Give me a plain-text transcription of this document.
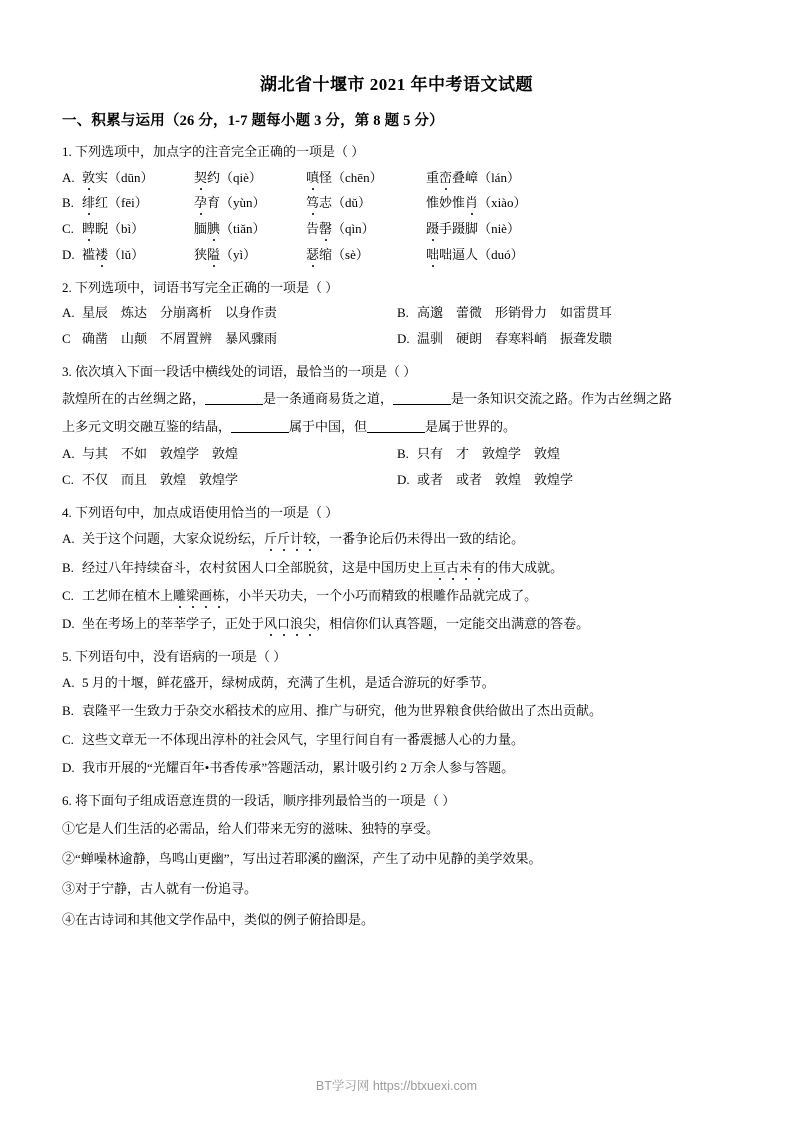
湖北省十堰市 2021 年中考语文试题
一、积累与运用（26 分，1-7 题每小题 3 分，第 8 题 5 分）
1. 下列选项中，加点字的注音完全正确的一项是（ ）
A. 敦实（dūn）	契约（qiè）	嗔怪（chēn）	重峦叠嶂（lán）
B. 绯红（fēi）	孕育（yùn）	笃志（dǔ）	惟妙惟肖（xiào）
C. 睥睨（bì）	腼腆（tiǎn）	告罄（qìn）	蹑手蹑脚（niè）
D. 褴褛（lǔ）	狭隘（yì）	瑟缩（sè）	咄咄逼人（duó）
2. 下列选项中，词语书写完全正确的一项是（ ）
A. 星辰　炼达　分崩离析　以身作责	B. 高邈　蕾微　形销骨力　如雷贯耳
C 确凿　山颠　不屑置辨　暴风骤雨	D. 温驯　硬朗　春寒料峭　振聋发聩
3. 依次填入下面一段话中横线处的词语，最恰当的一项是（ ）
款煌所在的古丝绸之路，	是一条通商易货之道，	是一条知识交流之路。作为古丝绸之路
上多元文明交融互鉴的结晶，	属于中国，但	是属于世界的。
A. 与其　不如　敦煌学　敦煌	B. 只有　才　敦煌学　敦煌
C. 不仅　而且　敦煌　敦煌学	D. 或者　或者　敦煌　敦煌学
4. 下列语句中，加点成语使用恰当的一项是（ ）
A. 关于这个问题，大家众说纷纭，斤斤计较，一番争论后仍未得出一致的结论。
B. 经过八年持续奋斗，农村贫困人口全部脱贫，这是中国历史上亘古未有的伟大成就。
C. 工艺师在植木上雕梁画栋，小半天功夫，一个小巧而精致的根雕作品就完成了。
D. 坐在考场上的莘莘学子，正处于风口浪尖，相信你们认真答题，一定能交出满意的答卷。
5. 下列语句中，没有语病的一项是（ ）
A. 5 月的十堰，鲜花盛开，绿树成荫，充满了生机，是适合游玩的好季节。
B. 袁隆平一生致力于杂交水稻技术的应用、推广与研究，他为世界粮食供给做出了杰出贡献。
C. 这些文章无一不体现出淳朴的社会风气，字里行间自有一番震撼人心的力量。
D. 我市开展的“光耀百年•书香传承”答题活动，累计吸引约 2 万余人参与答题。
6. 将下面句子组成语意连贯的一段话，顺序排列最恰当的一项是（ ）
①它是人们生活的必需品，给人们带来无穷的滋味、独特的享受。
②“蝉噪林逾静，鸟鸣山更幽”，写出过若耶溪的幽深，产生了动中见静的美学效果。
③对于宁静，古人就有一份追寻。
④在古诗词和其他文学作品中，类似的例子俯拾即是。
BT学习网 https://btxuexi.com
